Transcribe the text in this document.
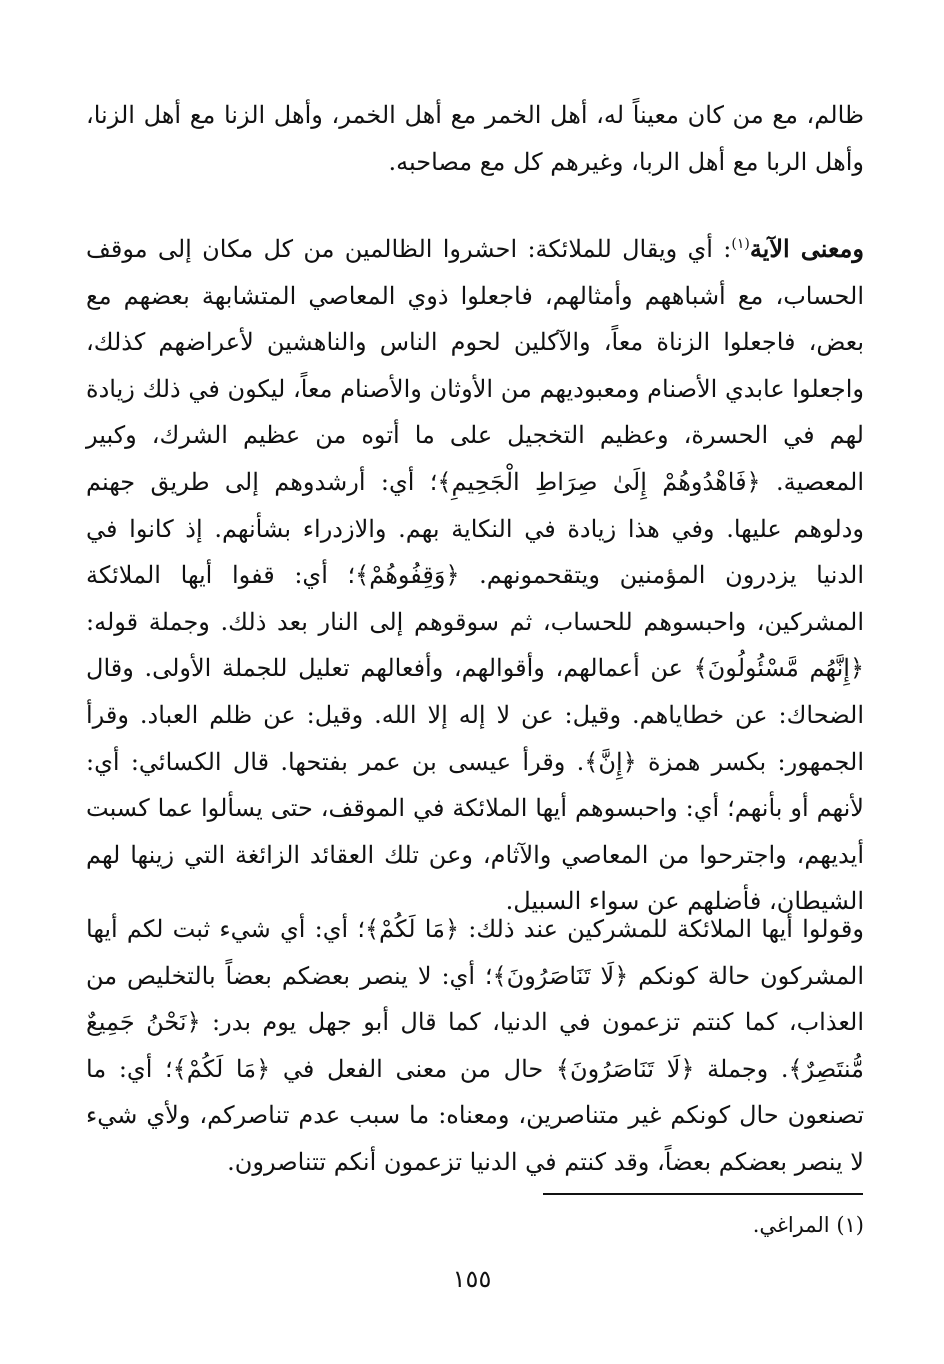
ظالم، مع من كان معيناً له، أهل الخمر مع أهل الخمر، وأهل الزنا مع أهل الزنا، وأهل الربا مع أهل الربا، وغيرهم كل مع مصاحبه.

ومعنى الآية$^{(١)}$: أي ويقال للملائكة: احشروا الظالمين من كل مكان إلى موقف الحساب، مع أشباههم وأمثالهم، فاجعلوا ذوي المعاصي المتشابهة بعضهم مع بعض، فاجعلوا الزناة معاً، والآكلين لحوم الناس والناهشين لأعراضهم كذلك، واجعلوا عابدي الأصنام ومعبوديهم من الأوثان والأصنام معاً، ليكون في ذلك زيادة لهم في الحسرة، وعظيم التخجيل على ما أتوه من عظيم الشرك، وكبير المعصية. ﴿فَاهْدُوهُمْ إِلَىٰ صِرَاطِ الْجَحِيمِ﴾؛ أي: أرشدوهم إلى طريق جهنم ودلوهم عليها. وفي هذا زيادة في النكاية بهم. والازدراء بشأنهم. إذ كانوا في الدنيا يزدرون المؤمنين ويتقحمونهم. ﴿وَقِفُوهُمْ﴾؛ أي: قفوا أيها الملائكة المشركين، واحبسوهم للحساب، ثم سوقوهم إلى النار بعد ذلك. وجملة قوله: ﴿إِنَّهُم مَّسْئُولُونَ﴾ عن أعمالهم، وأقوالهم، وأفعالهم تعليل للجملة الأولى. وقال الضحاك: عن خطاياهم. وقيل: عن لا إله إلا الله. وقيل: عن ظلم العباد. وقرأ الجمهور: بكسر همزة ﴿إِنَّ﴾. وقرأ عيسى بن عمر بفتحها. قال الكسائي: أي: لأنهم أو بأنهم؛ أي: واحبسوهم أيها الملائكة في الموقف، حتى يسألوا عما كسبت أيديهم، واجترحوا من المعاصي والآثام، وعن تلك العقائد الزائغة التي زينها لهم الشيطان، فأضلهم عن سواء السبيل.

وقولوا أيها الملائكة للمشركين عند ذلك: ﴿مَا لَكُمْ﴾؛ أي: أي شيء ثبت لكم أيها المشركون حالة كونكم ﴿لَا تَنَاصَرُونَ﴾؛ أي: لا ينصر بعضكم بعضاً بالتخليص من العذاب، كما كنتم تزعمون في الدنيا، كما قال أبو جهل يوم بدر: ﴿نَحْنُ جَمِيعٌ مُّنتَصِرٌ﴾. وجملة ﴿لَا تَنَاصَرُونَ﴾ حال من معنى الفعل في ﴿مَا لَكُمْ﴾؛ أي: ما تصنعون حال كونكم غير متناصرين، ومعناه: ما سبب عدم تناصركم، ولأي شيء لا ينصر بعضكم بعضاً، وقد كنتم في الدنيا تزعمون أنكم تتناصرون.

(١) المراغي.
١٥٥
